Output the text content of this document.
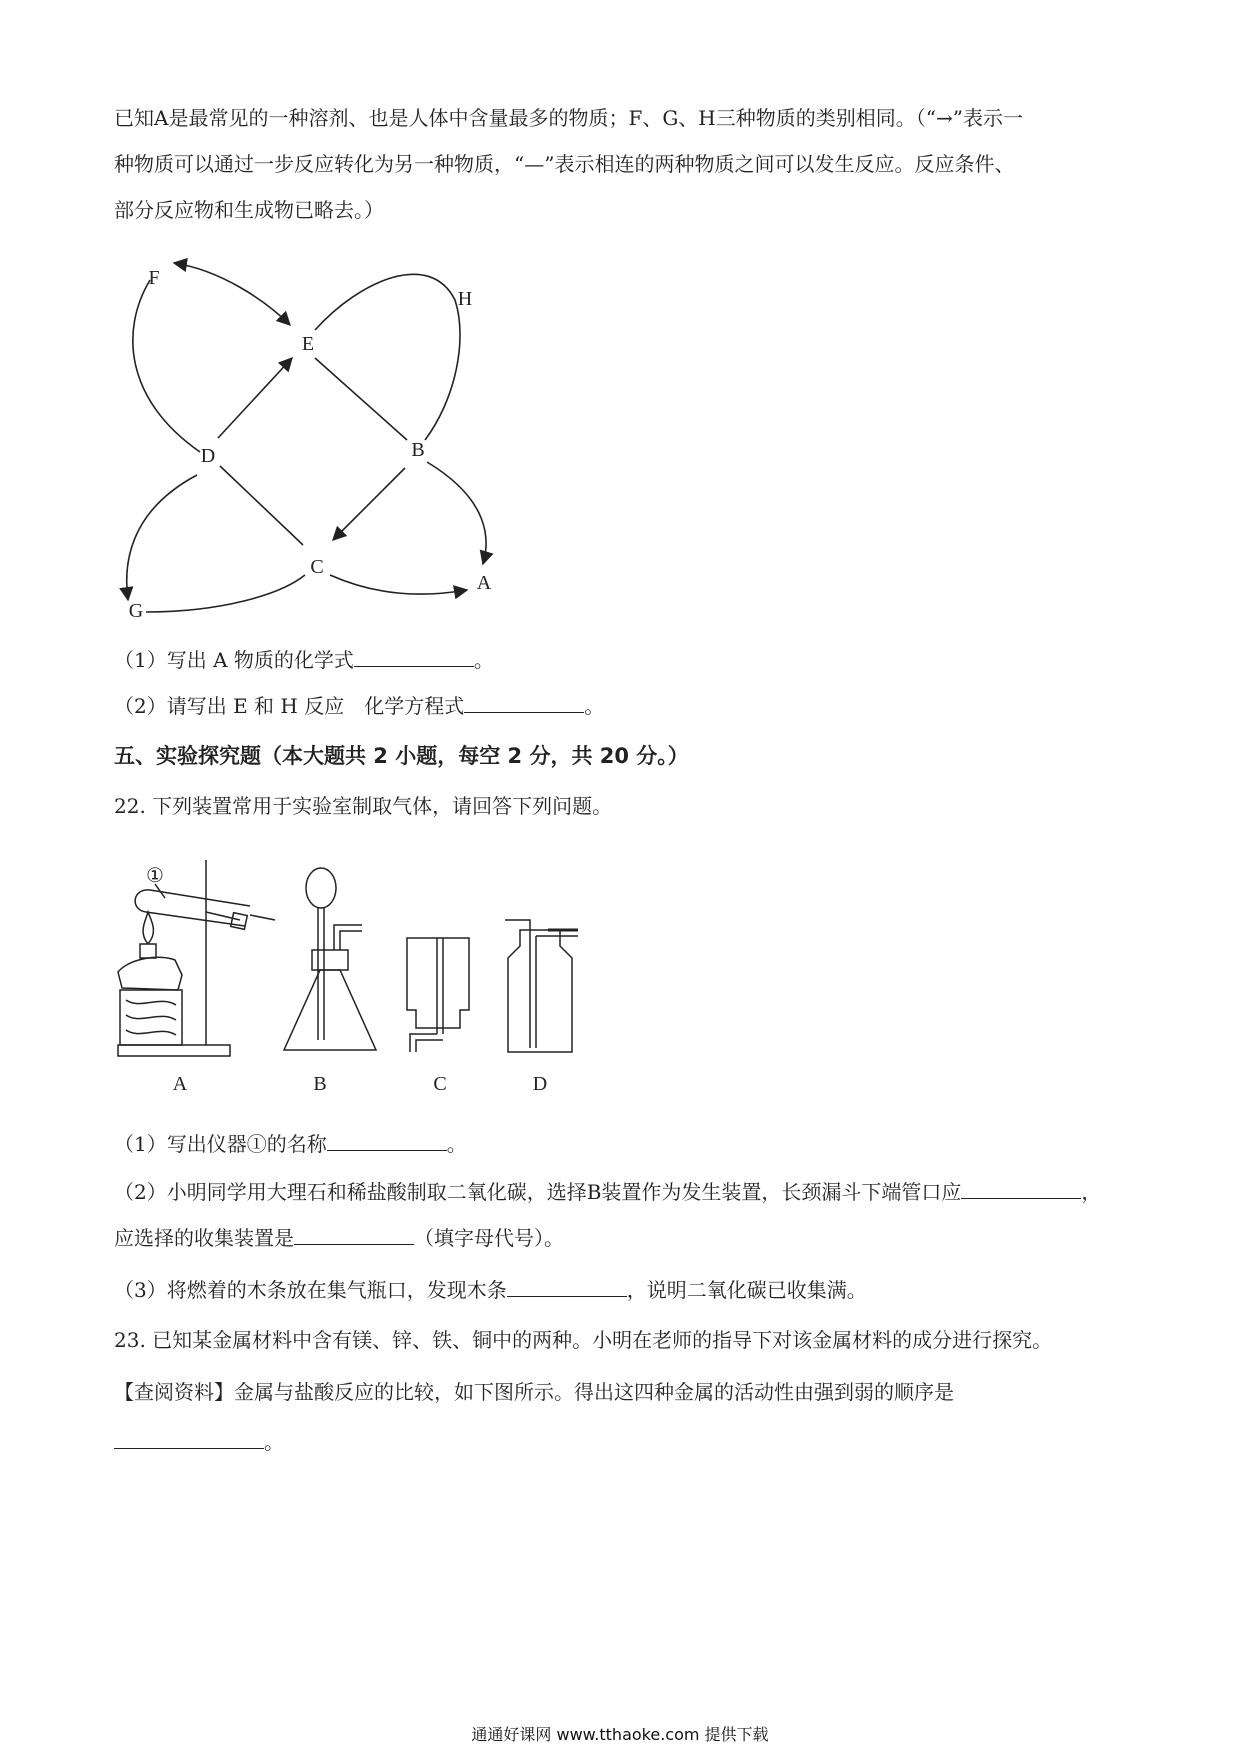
已知A是最常见的一种溶剂、也是人体中含量最多的物质；F、G、H三种物质的类别相同。（“→”表示一
种物质可以通过一步反应转化为另一种物质，“—”表示相连的两种物质之间可以发生反应。反应条件、
部分反应物和生成物已略去。）
F
H
E
D	B
C
G
A
（1）写出 A 物质的化学式	。
（2）请写出 E 和 H 反应　化学方程式	。
五、实验探究题（本大题共 2 小题，每空 2 分，共 20 分。）
22. 下列装置常用于实验室制取气体，请回答下列问题。
①
A	B	C	D
（1）写出仪器①的名称	。
（2）小明同学用大理石和稀盐酸制取二氧化碳，选择B装置作为发生装置，长颈漏斗下端管口应	，
应选择的收集装置是	（填字母代号）。
（3）将燃着的木条放在集气瓶口，发现木条	，说明二氧化碳已收集满。
23. 已知某金属材料中含有镁、锌、铁、铜中的两种。小明在老师的指导下对该金属材料的成分进行探究。
【查阅资料】金属与盐酸反应的比较，如下图所示。得出这四种金属的活动性由强到弱的顺序是
。
通通好课网 www.tthaoke.com 提供下载
